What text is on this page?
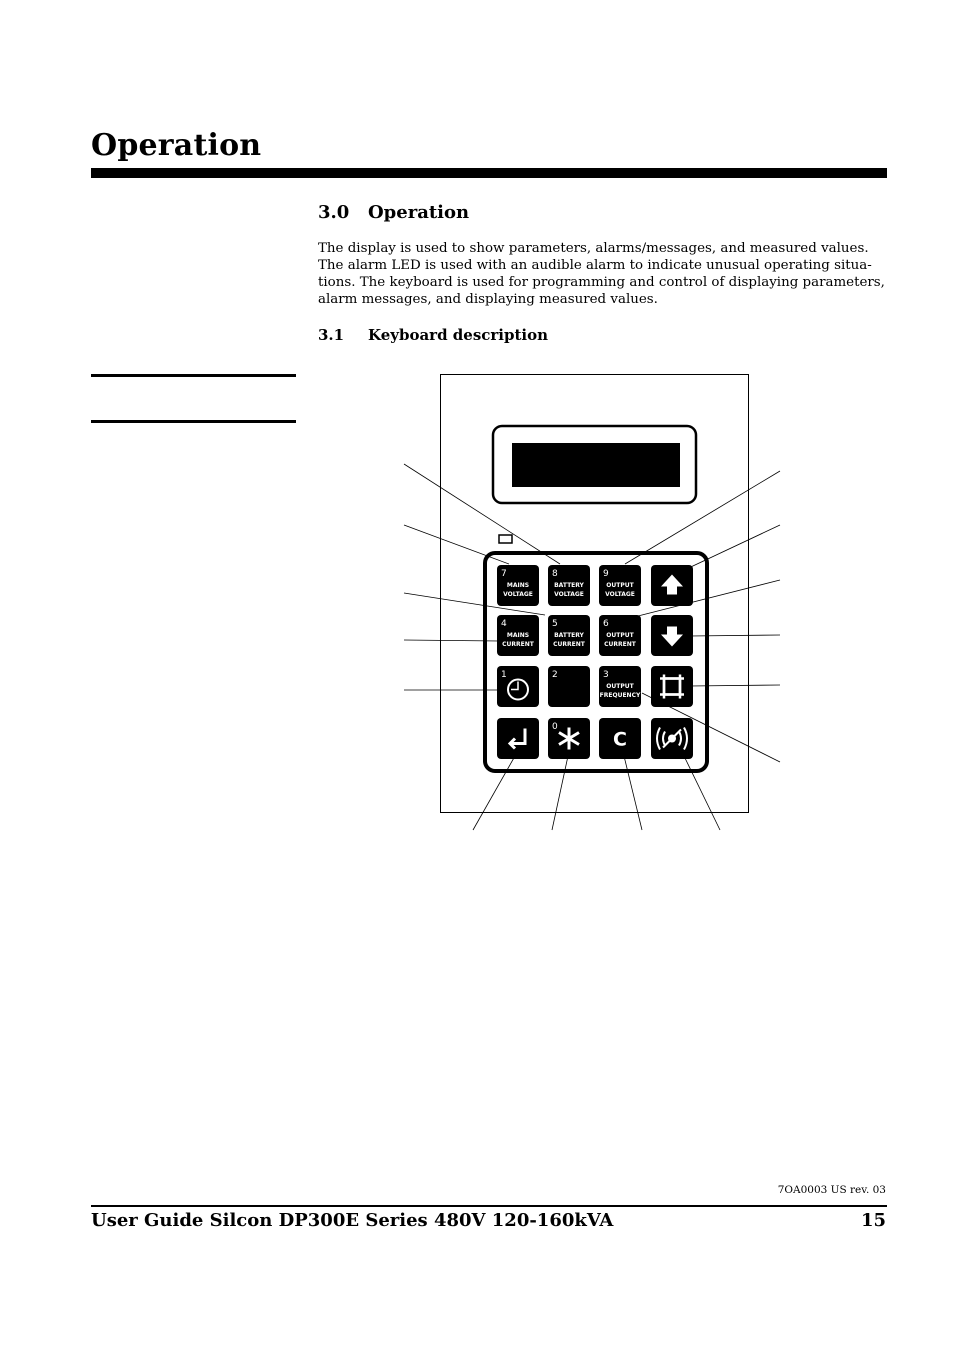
Operation
3.0 Operation

The display is used to show parameters, alarms/messages, and measured values.
The alarm LED is used with an audible alarm to indicate unusual operating situa-
tions. The keyboard is used for programming and control of displaying parameters,
alarm messages, and displaying measured values.

3.1 Keyboard description
7
MAINS
VOLTAGE
8
BATTERY
VOLTAGE
9
OUTPUT
VOLTAGE
4
MAINS
CURRENT
5
BATTERY
CURRENT
6
OUTPUT
CURRENT
1	2	3
OUTPUT
FREQUENCY
0
C
7OA0003 US rev. 03
User Guide Silcon DP300E Series 480V 120-160kVA	15
